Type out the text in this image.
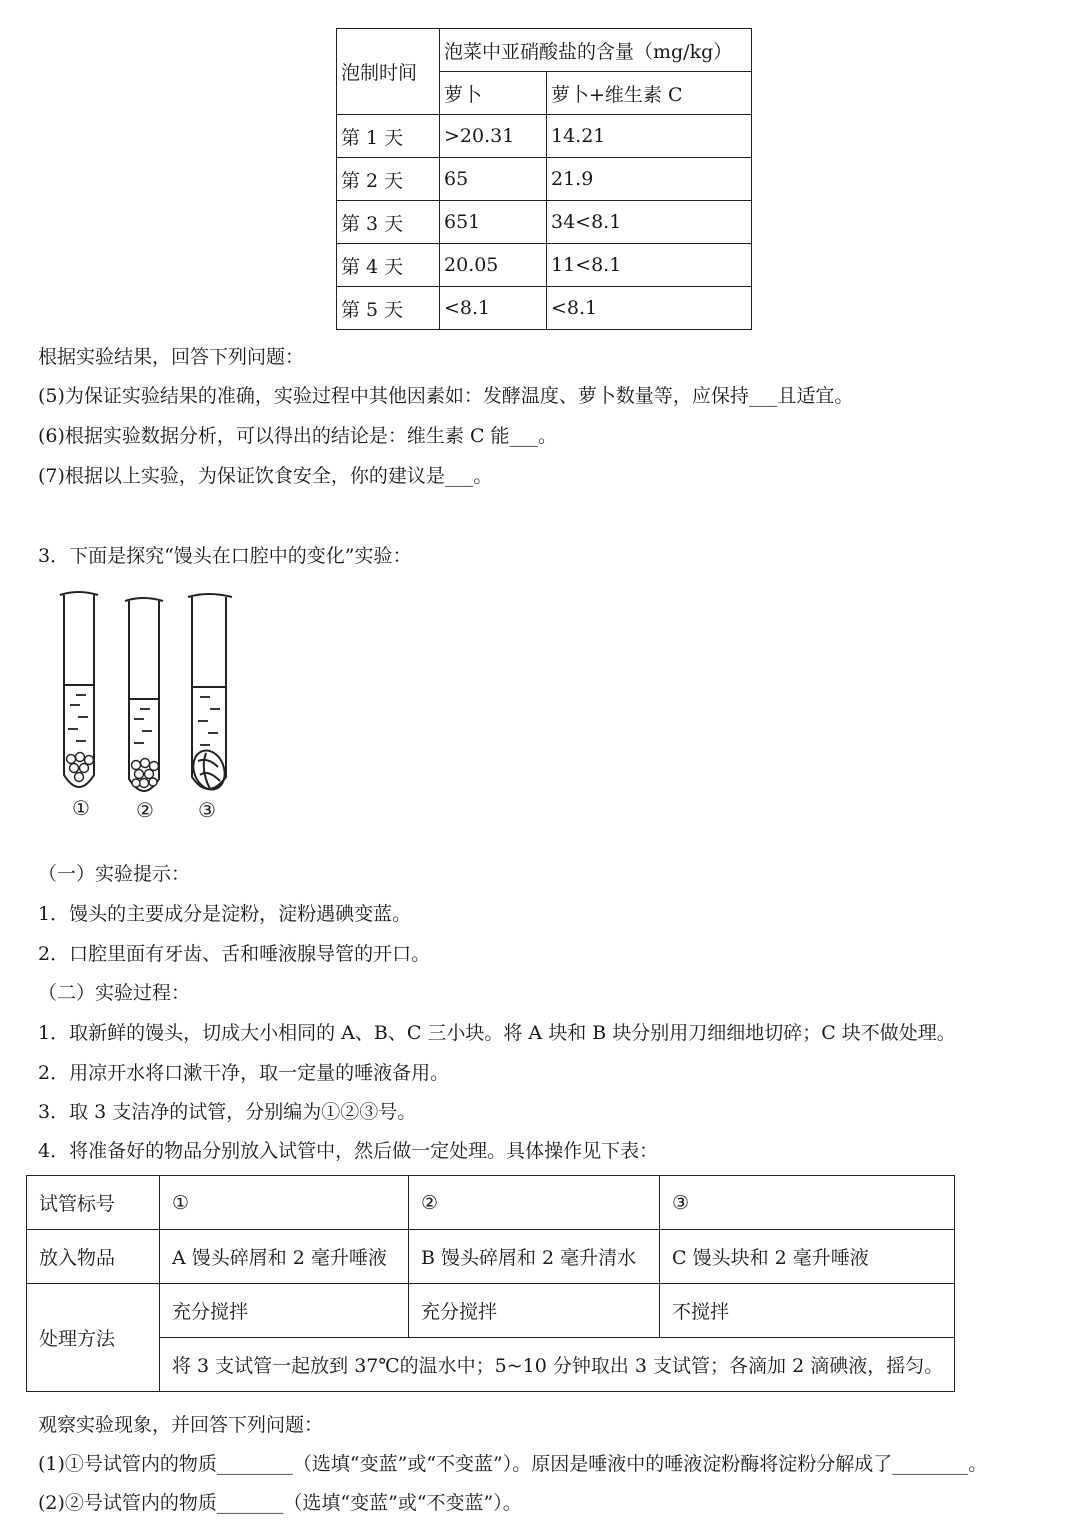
泡制时间	泡菜中亚硝酸盐的含量（mg/kg）	
	萝卜	萝卜+维生素 C
第 1 天	>20.31	14.21
第 2 天	65	21.9
第 3 天	651	34<8.1
第 4 天	20.05	11<8.1
第 5 天	<8.1	<8.1
根据实验结果，回答下列问题：
(5)为保证实验结果的准确，实验过程中其他因素如：发酵温度、萝卜数量等，应保持___且适宜。
(6)根据实验数据分析，可以得出的结论是：维生素 C 能___。
(7)根据以上实验，为保证饮食安全，你的建议是___。
3．下面是探究“馒头在口腔中的变化”实验：
① ② ③
（一）实验提示：
1．馒头的主要成分是淀粉，淀粉遇碘变蓝。
2．口腔里面有牙齿、舌和唾液腺导管的开口。
（二）实验过程：
1．取新鲜的馒头，切成大小相同的 A、B、C 三小块。将 A 块和 B 块分别用刀细细地切碎；C 块不做处理。
2．用凉开水将口漱干净，取一定量的唾液备用。
3．取 3 支洁净的试管，分别编为①②③号。
4．将准备好的物品分别放入试管中，然后做一定处理。具体操作见下表：
试管标号	①	②	③
放入物品	A 馒头碎屑和 2 毫升唾液	B 馒头碎屑和 2 毫升清水	C 馒头块和 2 毫升唾液
处理方法	充分搅拌	充分搅拌	不搅拌
	将 3 支试管一起放到 37℃的温水中；5~10 分钟取出 3 支试管；各滴加 2 滴碘液，摇匀。		
观察实验现象，并回答下列问题：
(1)①号试管内的物质________（选填“变蓝”或“不变蓝”）。原因是唾液中的唾液淀粉酶将淀粉分解成了________。
(2)②号试管内的物质_______（选填“变蓝”或“不变蓝”）。
